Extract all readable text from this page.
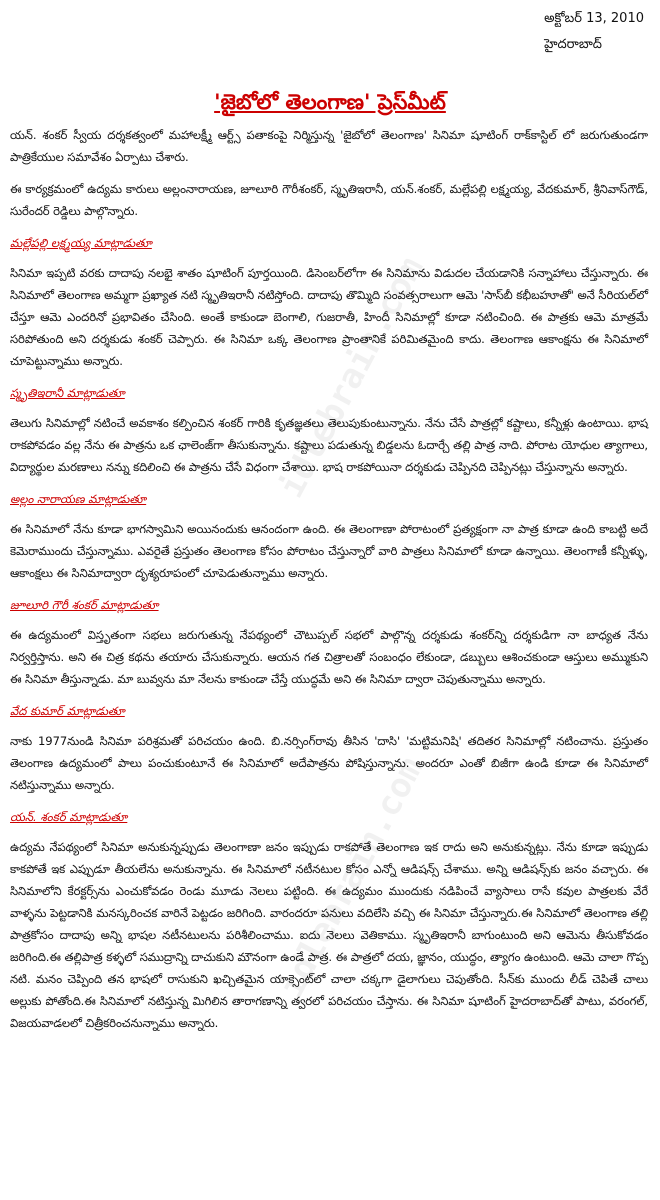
అక్టోబర్ 13, 2010
హైదరాబాద్
'జైబోలో తెలంగాణ' ప్రెస్‌మీట్
idlebrain.com
idlebrain.com

యన్. శంకర్ స్వీయ దర్శకత్వంలో మహాలక్ష్మీ ఆర్ట్స్ పతాకంపై నిర్మిస్తున్న 'జైబోలో తెలంగాణ' సినిమా షూటింగ్ రాక్‌కాస్టిల్ లో జరుగుతుండగా పాత్రికేయుల సమావేశం ఏర్పాటు చేశారు.

ఈ కార్యక్రమంలో ఉద్యమ కారులు అల్లంనారాయణ, జూలూరి గౌరీశంకర్, స్మృతిఇరానీ, యన్.శంకర్, మల్లేపల్లి లక్ష్మయ్య, వేదకుమార్, శ్రీనివాస్‌గౌడ్, సురేందర్ రెడ్డిలు పాల్గొన్నారు.

మల్లేపల్లి లక్ష్మయ్య మాట్లాడుతూ

సినిమా ఇప్పటి వరకు దాదాపు నలభై శాతం షూటింగ్ పూర్తయింది. డిసెంబర్‌లోగా ఈ సినిమాను విడుదల చేయడానికి సన్నాహాలు చేస్తున్నారు. ఈ సినిమాలో తెలంగాణ అమ్మగా ప్రఖ్యాత నటి స్మృతిఇరానీ నటిస్తోంది. దాదాపు తొమ్మిది సంవత్సరాలుగా ఆమె 'సాస్‌బీ కభీబహూతో' అనే సీరియల్‌లో చేస్తూ ఆమె ఎందరినో ప్రభావితం చేసింది. అంతే కాకుండా బెంగాలి, గుజరాతీ, హిందీ సినిమాల్లో కూడా నటించింది. ఈ పాత్రకు ఆమె మాత్రమే సరిపోతుంది అని దర్శకుడు శంకర్ చెప్పారు. ఈ సినిమా ఒక్క తెలంగాణ ప్రాంతానికే పరిమితమైంది కాదు. తెలంగాణ ఆకాంక్షను ఈ సినిమాలో చూపెట్టున్నాము అన్నారు.

స్మృతిఇరానీ మాట్లాడుతూ

తెలుగు సినిమాల్లో నటించే అవకాశం కల్పించిన శంకర్ గారికి కృతజ్ఞతలు తెలుపుకుంటున్నాను. నేను చేసే పాత్రల్లో కష్టాలు, కన్నీళ్లు ఉంటాయి. భాష రాకపోవడం వల్ల నేను ఈ పాత్రను ఒక ఛాలెంజ్‌గా తీసుకున్నాను. కష్టాలు పడుతున్న బిడ్డలను ఓదార్చే తల్లి పాత్ర నాది. పోరాట యోధుల త్యాగాలు, విద్యార్థుల మరణాలు నన్ను కదిలించి ఈ పాత్రను చేసే విధంగా చేశాయి. భాష రాకపోయినా దర్శకుడు చెప్పినది చెప్పినట్లు చేస్తున్నాను అన్నారు.

అల్లం నారాయణ మాట్లాడుతూ

ఈ సినిమాలో నేను కూడా భాగస్వామిని అయినందుకు ఆనందంగా ఉంది. ఈ తెలంగాణా పోరాటంలో ప్రత్యక్షంగా నా పాత్ర కూడా ఉంది కాబట్టి అదే కెమెరాముందు చేస్తున్నాము. ఎవరైతే ప్రస్తుతం తెలంగాణ కోసం పోరాటం చేస్తున్నారో వారి పాత్రలు సినిమాలో కూడా ఉన్నాయి. తెలంగాణీ కన్నీళ్ళు, ఆకాంక్షలు ఈ సినిమాద్వారా దృశ్యరూపంలో చూపెడుతున్నాము అన్నారు.

జూలూరి గౌరీ శంకర్ మాట్లాడుతూ

ఈ ఉద్యమంలో విస్తృతంగా సభలు జరుగుతున్న నేపథ్యంలో చౌటుప్పల్ సభలో పాల్గొన్న దర్శకుడు శంకర్‌న్ని దర్శకుడిగా నా బాధ్యత నేను నిర్వర్తిస్తాను. అని ఈ చిత్ర కథను తయారు చేసుకున్నారు. ఆయన గత చిత్రాలతో సంబంధం లేకుండా, డబ్బులు ఆశించకుండా ఆస్తులు అమ్ముకుని ఈ సినిమా తీస్తున్నాడు. మా బువ్వను మా నేలను కాకుండా చేస్తే యుద్ధమే అని ఈ సినిమా ద్వారా చెపుతున్నాము అన్నారు.

వేద కుమార్ మాట్లాడుతూ

నాకు 1977నుండి సినిమా పరిశ్రమతో పరిచయం ఉంది. బి.నర్సింగ్‌రావు తీసిన 'దాసి' 'మట్టిమనిషి' తదితర సినిమాల్లో నటించాను. ప్రస్తుతం తెలంగాణ ఉద్యమంలో పాలు పంచుకుంటూనే ఈ సినిమాలో అదేపాత్రను పోషిస్తున్నాను. అందరూ ఎంతో బిజీగా ఉండి కూడా ఈ సినిమాలో నటిస్తున్నాము అన్నారు.

యన్. శంకర్ మాట్లాడుతూ

ఉద్యమ నేపథ్యంలో సినిమా అనుకున్నప్పుడు తెలంగాణా జనం ఇప్పుడు రాకపోతే తెలంగాణ ఇక రాదు అని అనుకున్నట్లు. నేను కూడా ఇప్పుడు కాకపోతే ఇక ఎప్పుడూ తీయలేను అనుకున్నాను. ఈ సినిమాలో నటీనటుల కోసం ఎన్నో ఆడిషన్స్ చేశాము. అన్ని ఆడిషన్స్‌కు జనం వచ్చారు. ఈ సినిమాలోని కేరక్టర్స్‌ను ఎంచుకోవడం రెండు మూడు నెలలు పట్టింది. ఈ ఉద్యమం ముందుకు నడిపించే వ్యాసాలు రాసే కవుల పాత్రలకు వేరే వాళ్ళను పెట్టడానికి మనస్కరించక వారినే పెట్టడం జరిగింది. వారందరూ పనులు వదిలేసి వచ్చి ఈ సినిమా చేస్తున్నారు.ఈ సినిమాలో తెలంగాణ తల్లి పాత్రకోసం దాదాపు అన్ని భాషల నటీనటులను పరిశీలించాము. ఐదు నెలలు వెతికాము. స్మృతిఇరానీ బాగుంటుంది అని ఆమెను తీసుకోవడం జరిగింది.ఈ తల్లిపాత్ర కళ్ళలో సముద్రాన్ని దాచుకుని మౌనంగా ఉండే పాత్ర. ఈ పాత్రలో దయ, జ్ఞానం, యుద్ధం, త్యాగం ఉంటుంది. ఆమె చాలా గొప్ప నటి. మనం చెప్పింది తన భాషలో రాసుకుని ఖచ్చితమైన యాక్సెంట్‌లో చాలా చక్కగా డైలాగులు చెపుతోంది. సీన్‌కు ముందు లీడ్ చెపితే చాలు అల్లుకు పోతోంది.ఈ సినిమాలో నటిస్తున్న మిగిలిన తారాగణాన్ని త్వరలో పరిచయం చేస్తాను. ఈ సినిమా షూటింగ్ హైదరాబాద్‌తో పాటు, వరంగల్, విజయవాడలలో చిత్రీకరించనున్నాము అన్నారు.
